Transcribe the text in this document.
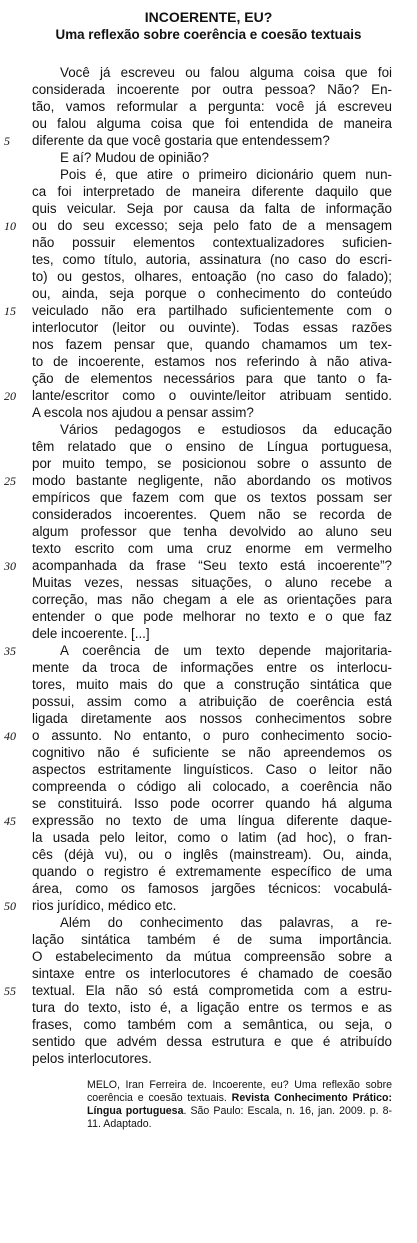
INCOERENTE, EU?
Uma reflexão sobre coerência e coesão textuais
Você já escreveu ou falou alguma coisa que foi
considerada incoerente por outra pessoa? Não? En-
tão, vamos reformular a pergunta: você já escreveu
ou falou alguma coisa que foi entendida de maneira
diferente da que você gostaria que entendessem?
5
E aí? Mudou de opinião?
Pois é, que atire o primeiro dicionário quem nun-
ca foi interpretado de maneira diferente daquilo que
quis veicular. Seja por causa da falta de informação
ou do seu excesso; seja pelo fato de a mensagem
10
não possuir elementos contextualizadores suficien-
tes, como título, autoria, assinatura (no caso do escri-
to) ou gestos, olhares, entoação (no caso do falado);
ou, ainda, seja porque o conhecimento do conteúdo
veiculado não era partilhado suficientemente com o
15
interlocutor (leitor ou ouvinte). Todas essas razões
nos fazem pensar que, quando chamamos um tex-
to de incoerente, estamos nos referindo à não ativa-
ção de elementos necessários para que tanto o fa-
lante/escritor como o ouvinte/leitor atribuam sentido.
20
A escola nos ajudou a pensar assim?
Vários pedagogos e estudiosos da educação
têm relatado que o ensino de Língua portuguesa,
por muito tempo, se posicionou sobre o assunto de
modo bastante negligente, não abordando os motivos
25
empíricos que fazem com que os textos possam ser
considerados incoerentes. Quem não se recorda de
algum professor que tenha devolvido ao aluno seu
texto escrito com uma cruz enorme em vermelho
acompanhada da frase “Seu texto está incoerente”?
30
Muitas vezes, nessas situações, o aluno recebe a
correção, mas não chegam a ele as orientações para
entender o que pode melhorar no texto e o que faz
dele incoerente. [...]
A coerência de um texto depende majoritaria-
35
mente da troca de informações entre os interlocu-
tores, muito mais do que a construção sintática que
possui, assim como a atribuição de coerência está
ligada diretamente aos nossos conhecimentos sobre
o assunto. No entanto, o puro conhecimento socio-
40
cognitivo não é suficiente se não apreendemos os
aspectos estritamente linguísticos. Caso o leitor não
compreenda o código ali colocado, a coerência não
se constituirá. Isso pode ocorrer quando há alguma
expressão no texto de uma língua diferente daque-
45
la usada pelo leitor, como o latim (ad hoc), o fran-
cês (déjà vu), ou o inglês (mainstream). Ou, ainda,
quando o registro é extremamente específico de uma
área, como os famosos jargões técnicos: vocabulá-
rios jurídico, médico etc.
50
Além do conhecimento das palavras, a re-
lação sintática também é de suma importância.
O estabelecimento da mútua compreensão sobre a
sintaxe entre os interlocutores é chamado de coesão
textual. Ela não só está comprometida com a estru-
55
tura do texto, isto é, a ligação entre os termos e as
frases, como também com a semântica, ou seja, o
sentido que advém dessa estrutura e que é atribuído
pelos interlocutores.
MELO, Iran Ferreira de. Incoerente, eu? Uma reflexão sobre coerência e coesão textuais. Revista Conhecimento Prático: Língua portuguesa. São Paulo: Escala, n. 16, jan. 2009. p. 8-11. Adaptado.
